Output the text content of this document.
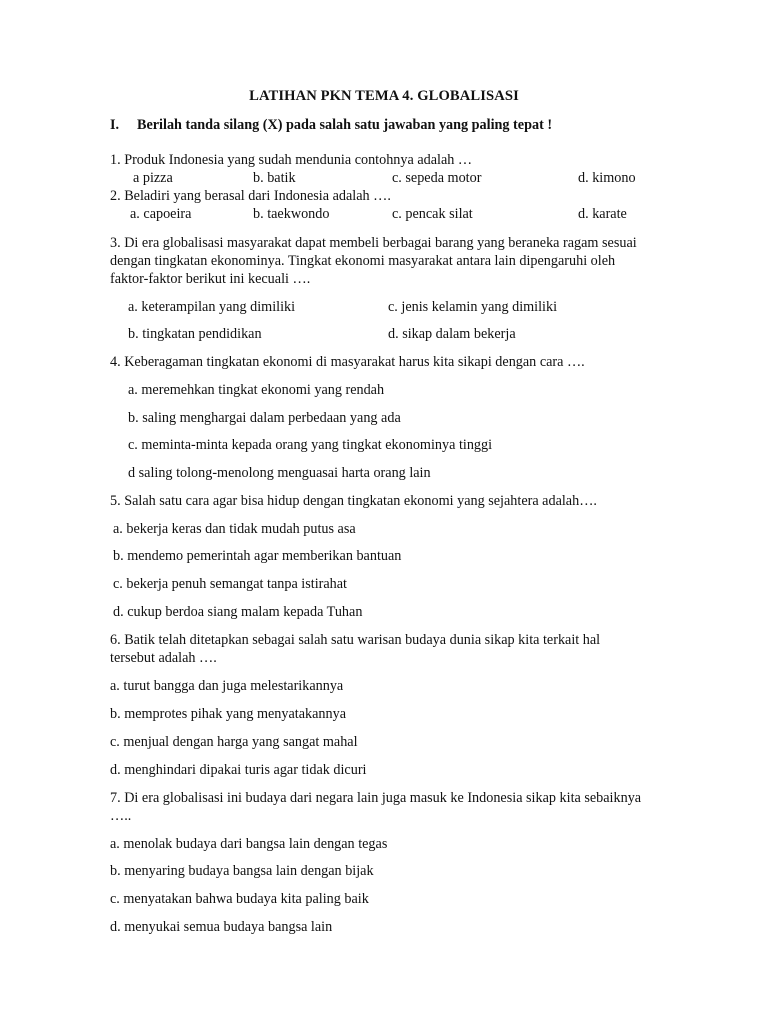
LATIHAN PKN TEMA 4. GLOBALISASI
I. Berilah tanda silang (X) pada salah satu jawaban yang paling tepat !
1. Produk Indonesia yang sudah mendunia contohnya adalah …
a pizza	b. batik	c. sepeda motor	d. kimono
2. Beladiri yang berasal dari Indonesia adalah ….
a. capoeira	b. taekwondo	c. pencak silat	d. karate
3. Di era globalisasi masyarakat dapat membeli berbagai barang yang beraneka ragam sesuai
dengan tingkatan ekonominya. Tingkat ekonomi masyarakat antara lain dipengaruhi oleh
faktor-faktor berikut ini kecuali ….
a. keterampilan yang dimiliki	c. jenis kelamin yang dimiliki
b. tingkatan pendidikan	d. sikap dalam bekerja
4. Keberagaman tingkatan ekonomi di masyarakat harus kita sikapi dengan cara ….
a. meremehkan tingkat ekonomi yang rendah
b. saling menghargai dalam perbedaan yang ada
c. meminta-minta kepada orang yang tingkat ekonominya tinggi
d saling tolong-menolong menguasai harta orang lain
5. Salah satu cara agar bisa hidup dengan tingkatan ekonomi yang sejahtera adalah….
a. bekerja keras dan tidak mudah putus asa
b. mendemo pemerintah agar memberikan bantuan
c. bekerja penuh semangat tanpa istirahat
d. cukup berdoa siang malam kepada Tuhan
6. Batik telah ditetapkan sebagai salah satu warisan budaya dunia sikap kita terkait hal
tersebut adalah ….
a. turut bangga dan juga melestarikannya
b. memprotes pihak yang menyatakannya
c. menjual dengan harga yang sangat mahal
d. menghindari dipakai turis agar tidak dicuri
7. Di era globalisasi ini budaya dari negara lain juga masuk ke Indonesia sikap kita sebaiknya
…..
a. menolak budaya dari bangsa lain dengan tegas
b. menyaring budaya bangsa lain dengan bijak
c. menyatakan bahwa budaya kita paling baik
d. menyukai semua budaya bangsa lain
